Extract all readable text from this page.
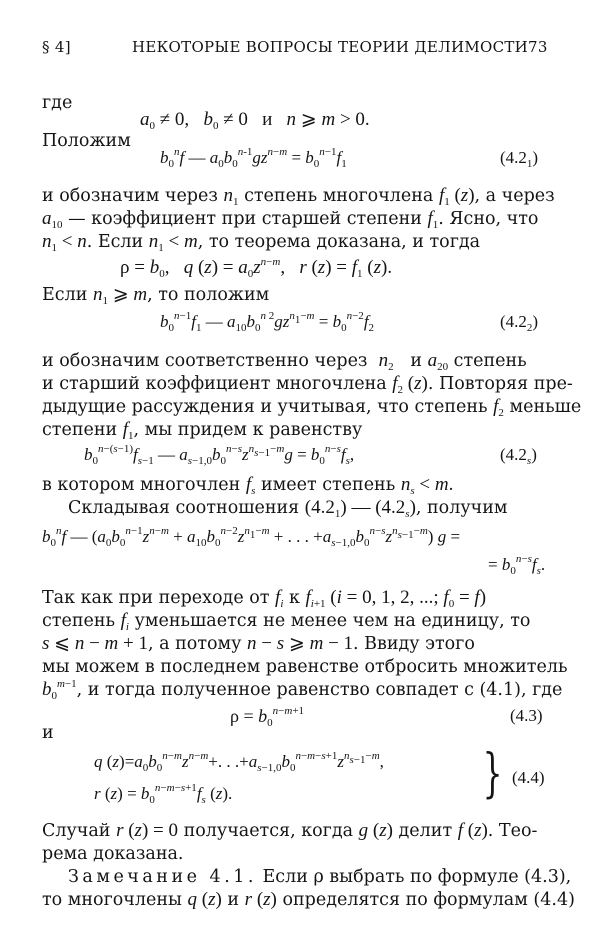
§ 4]	НЕКОТОРЫЕ ВОПРОСЫ ТЕОРИИ ДЕЛИМОСТИ 73
где
$a_0 \ne 0$,   $b_0 \ne 0$   и   n ⩾ m > 0.
Положим
$b_0^nf$ — $a_0b_0^{n-1}gz^{n-m} = b_0^{n-1}f_1$	$(4.2_1)$
и обозначим через $n_1$ степень многочлена $f_1$ (z), а через
$a_{10}$ — коэффициент при старшей степени $f_1$. Ясно, что
$n_1 < n$. Если $n_1 < m$, то теорема доказана, и тогда
$\rho = b_0$,   q $(z) = a_0z^{n-m}$,   r $(z) = f_1$ (z).
Если $n_1$ ⩾ m, то положим
$b_0^{n-1}f_1$ — $a_{10}b_0^{n 2}gz^{n_1-m} = b_0^{n-2}f_2$	$(4.2_2)$
и обозначим соответственно через $n_2$ и $a_{20}$ степень
и старший коэффициент многочлена $f_2$ (z). Повторяя пре-
дыдущие рассуждения и учитывая, что степень $f_2$ меньше
степени $f_1$, мы придем к равенству
$b_0^{n-(s-1)}f_{s-1}$ — $a_{s-1,0}b_0^{n-s}z^{n_{s-1}-m}g = b_0^{n-s}f_s$,	$(4.2_s)$
в котором многочлен $f_s$ имеет степень $n_s < m$.
Складывая соотношения $(4.2_1)$ — $(4.2_s)$, получим
$b_0^nf$ — ($a_0b_0^{n-1}z^{n-m} + a_{10}b_0^{n-2}z^{n_1-m}$ + . . . $+a_{s-1,0}b_0^{n-s}z^{n_{s-1}-m}$) g =
= $b_0^{n-s}f_s$.
Так как при переходе от $f_i$ к $f_{i+1}$ (i = 0, 1, 2, ...; $f_0 = f$)
степень $f_i$ уменьшается не менее чем на единицу, то
s ⩽ n − m + 1, а потому n − s ⩾ m − 1. Ввиду этого
мы можем в последнем равенстве отбросить множитель
$b_0^{m-1}$, и тогда полученное равенство совпадет с (4.1), где
$\rho = b_0^{n-m+1}$	(4.3)
и
q $(z)=a_0b_0^{n-m}z^{n-m}+$. . $.+a_{s-1,0}b_0^{n-m-s+1}z^{n_{s-1}-m}$,
r $(z) = b_0^{n-m-s+1}f_s$ (z).	} (4.4)
Случай r (z) = 0 получается, когда g (z) делит f (z). Тео-
рема доказана.
Замечание 4.1. Если ρ выбрать по формуле (4.3),
то многочлены q (z) и r (z) определятся по формулам (4.4)
